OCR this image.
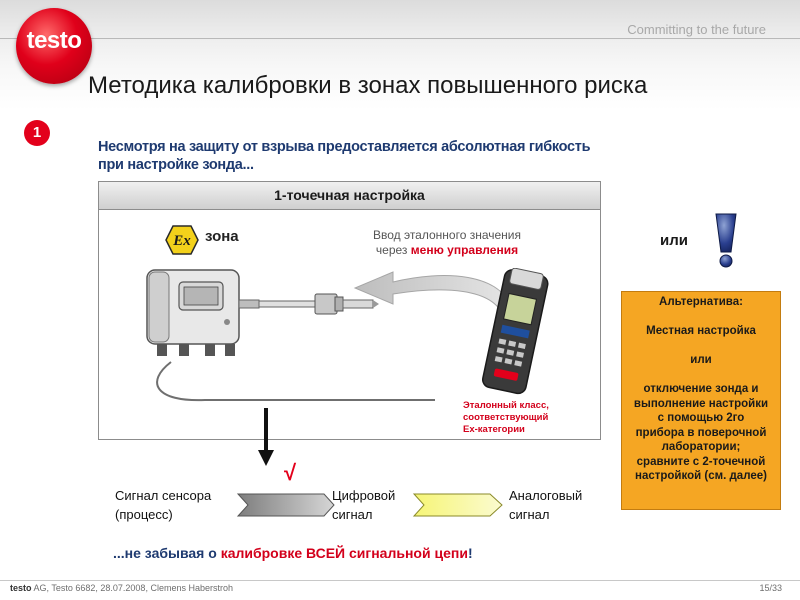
testo	Committing to the future
Методика калибровки в зонах повышенного риска
1
Несмотря на защиту от взрыва предоставляется абсолютная гибкость
при настройке зонда...
1-точечная настройка
Ex зона	Ввод эталонного значения
через меню управления
Эталонный класс,
соответствующий
Ex-категории
или

Альтернатива:

Местная настройка

или

отключение зонда и

выполнение настройки

с помощью 2го

прибора в поверочной

лаборатории;

сравните с 2-точечной

настройкой (см. далее)

√
Сигнал сенсора
(процесс)
Цифровой
сигнал
Аналоговый
сигнал
...не забывая о калибровке ВСЕЙ сигнальной цепи!
testo AG, Testo 6682, 28.07.2008, Clemens Haberstroh	15/33
